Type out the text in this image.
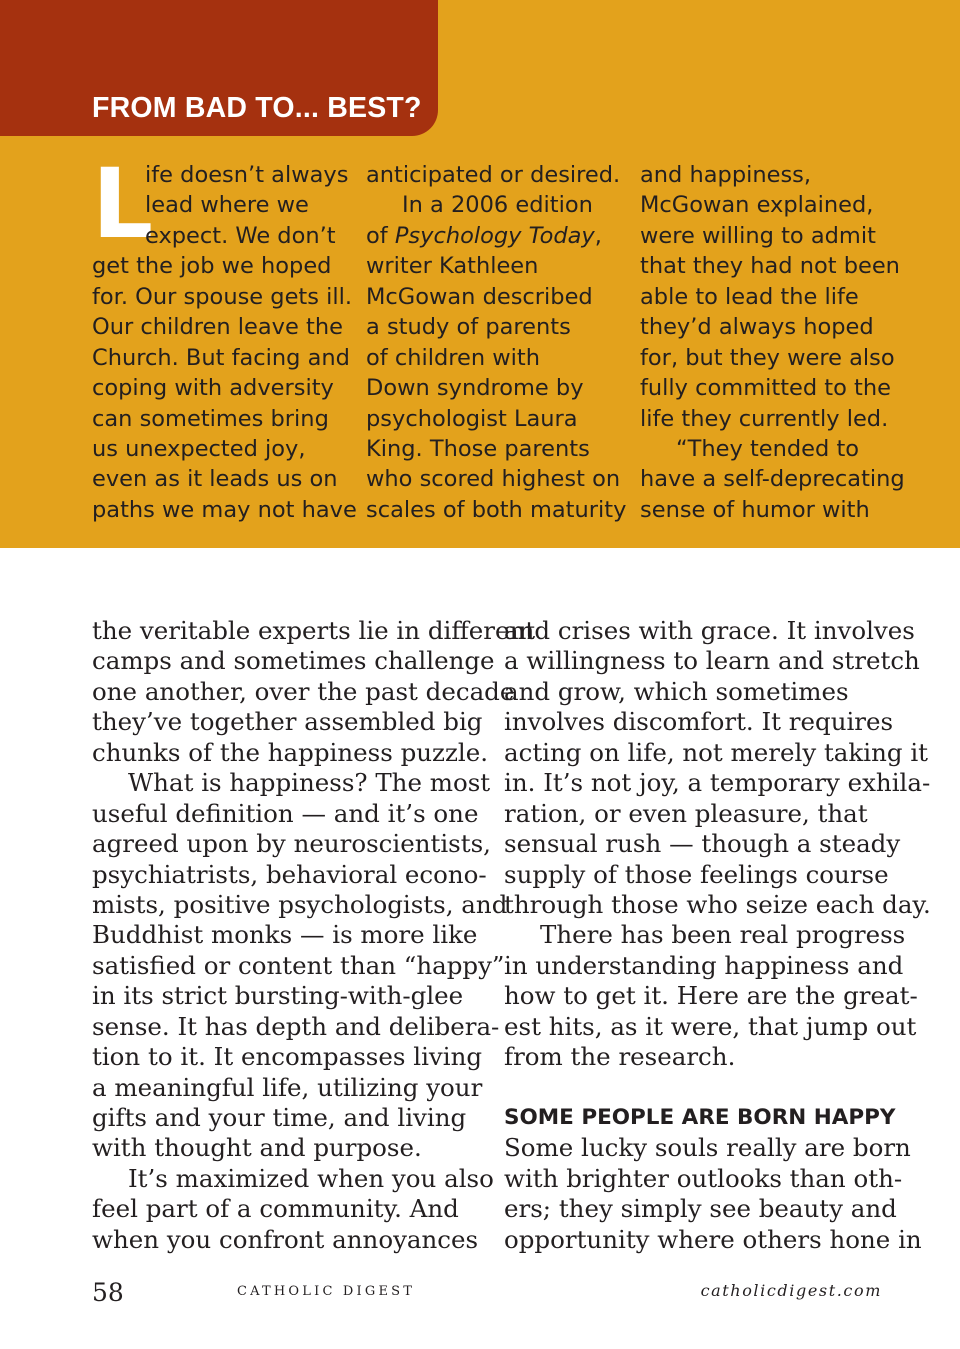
FROM BAD TO... BEST?
L
ife doesn’t always
lead where we
expect. We don’t
get the job we hoped
for. Our spouse gets ill.
Our children leave the
Church. But facing and
coping with adversity
can sometimes bring
us unexpected joy,
even as it leads us on
paths we may not have
anticipated or desired.
In a 2006 edition
of Psychology Today,
writer Kathleen
McGowan described
a study of parents
of children with
Down syndrome by
psychologist Laura
King. Those parents
who scored highest on
scales of both maturity
and happiness,
McGowan explained,
were willing to admit
that they had not been
able to lead the life
they’d always hoped
for, but they were also
fully committed to the
life they currently led.
“They tended to
have a self-deprecating
sense of humor with
the veritable experts lie in different
camps and sometimes challenge
one another, over the past decade
they’ve together assembled big
chunks of the happiness puzzle.
What is happiness? The most
useful definition — and it’s one
agreed upon by neuroscientists,
psychiatrists, behavioral econo-
mists, positive psychologists, and
Buddhist monks — is more like
satisfied or content than “happy”
in its strict bursting-with-glee
sense. It has depth and delibera-
tion to it. It encompasses living
a meaningful life, utilizing your
gifts and your time, and living
with thought and purpose.
It’s maximized when you also
feel part of a community. And
when you confront annoyances
and crises with grace. It involves
a willingness to learn and stretch
and grow, which sometimes
involves discomfort. It requires
acting on life, not merely taking it
in. It’s not joy, a temporary exhila-
ration, or even pleasure, that
sensual rush — though a steady
supply of those feelings course
through those who seize each day.
There has been real progress
in understanding happiness and
how to get it. Here are the great-
est hits, as it were, that jump out
from the research.
SOME PEOPLE ARE BORN HAPPY
Some lucky souls really are born
with brighter outlooks than oth-
ers; they simply see beauty and
opportunity where others hone in
58	CATHOLIC DIGEST	catholicdigest.com
